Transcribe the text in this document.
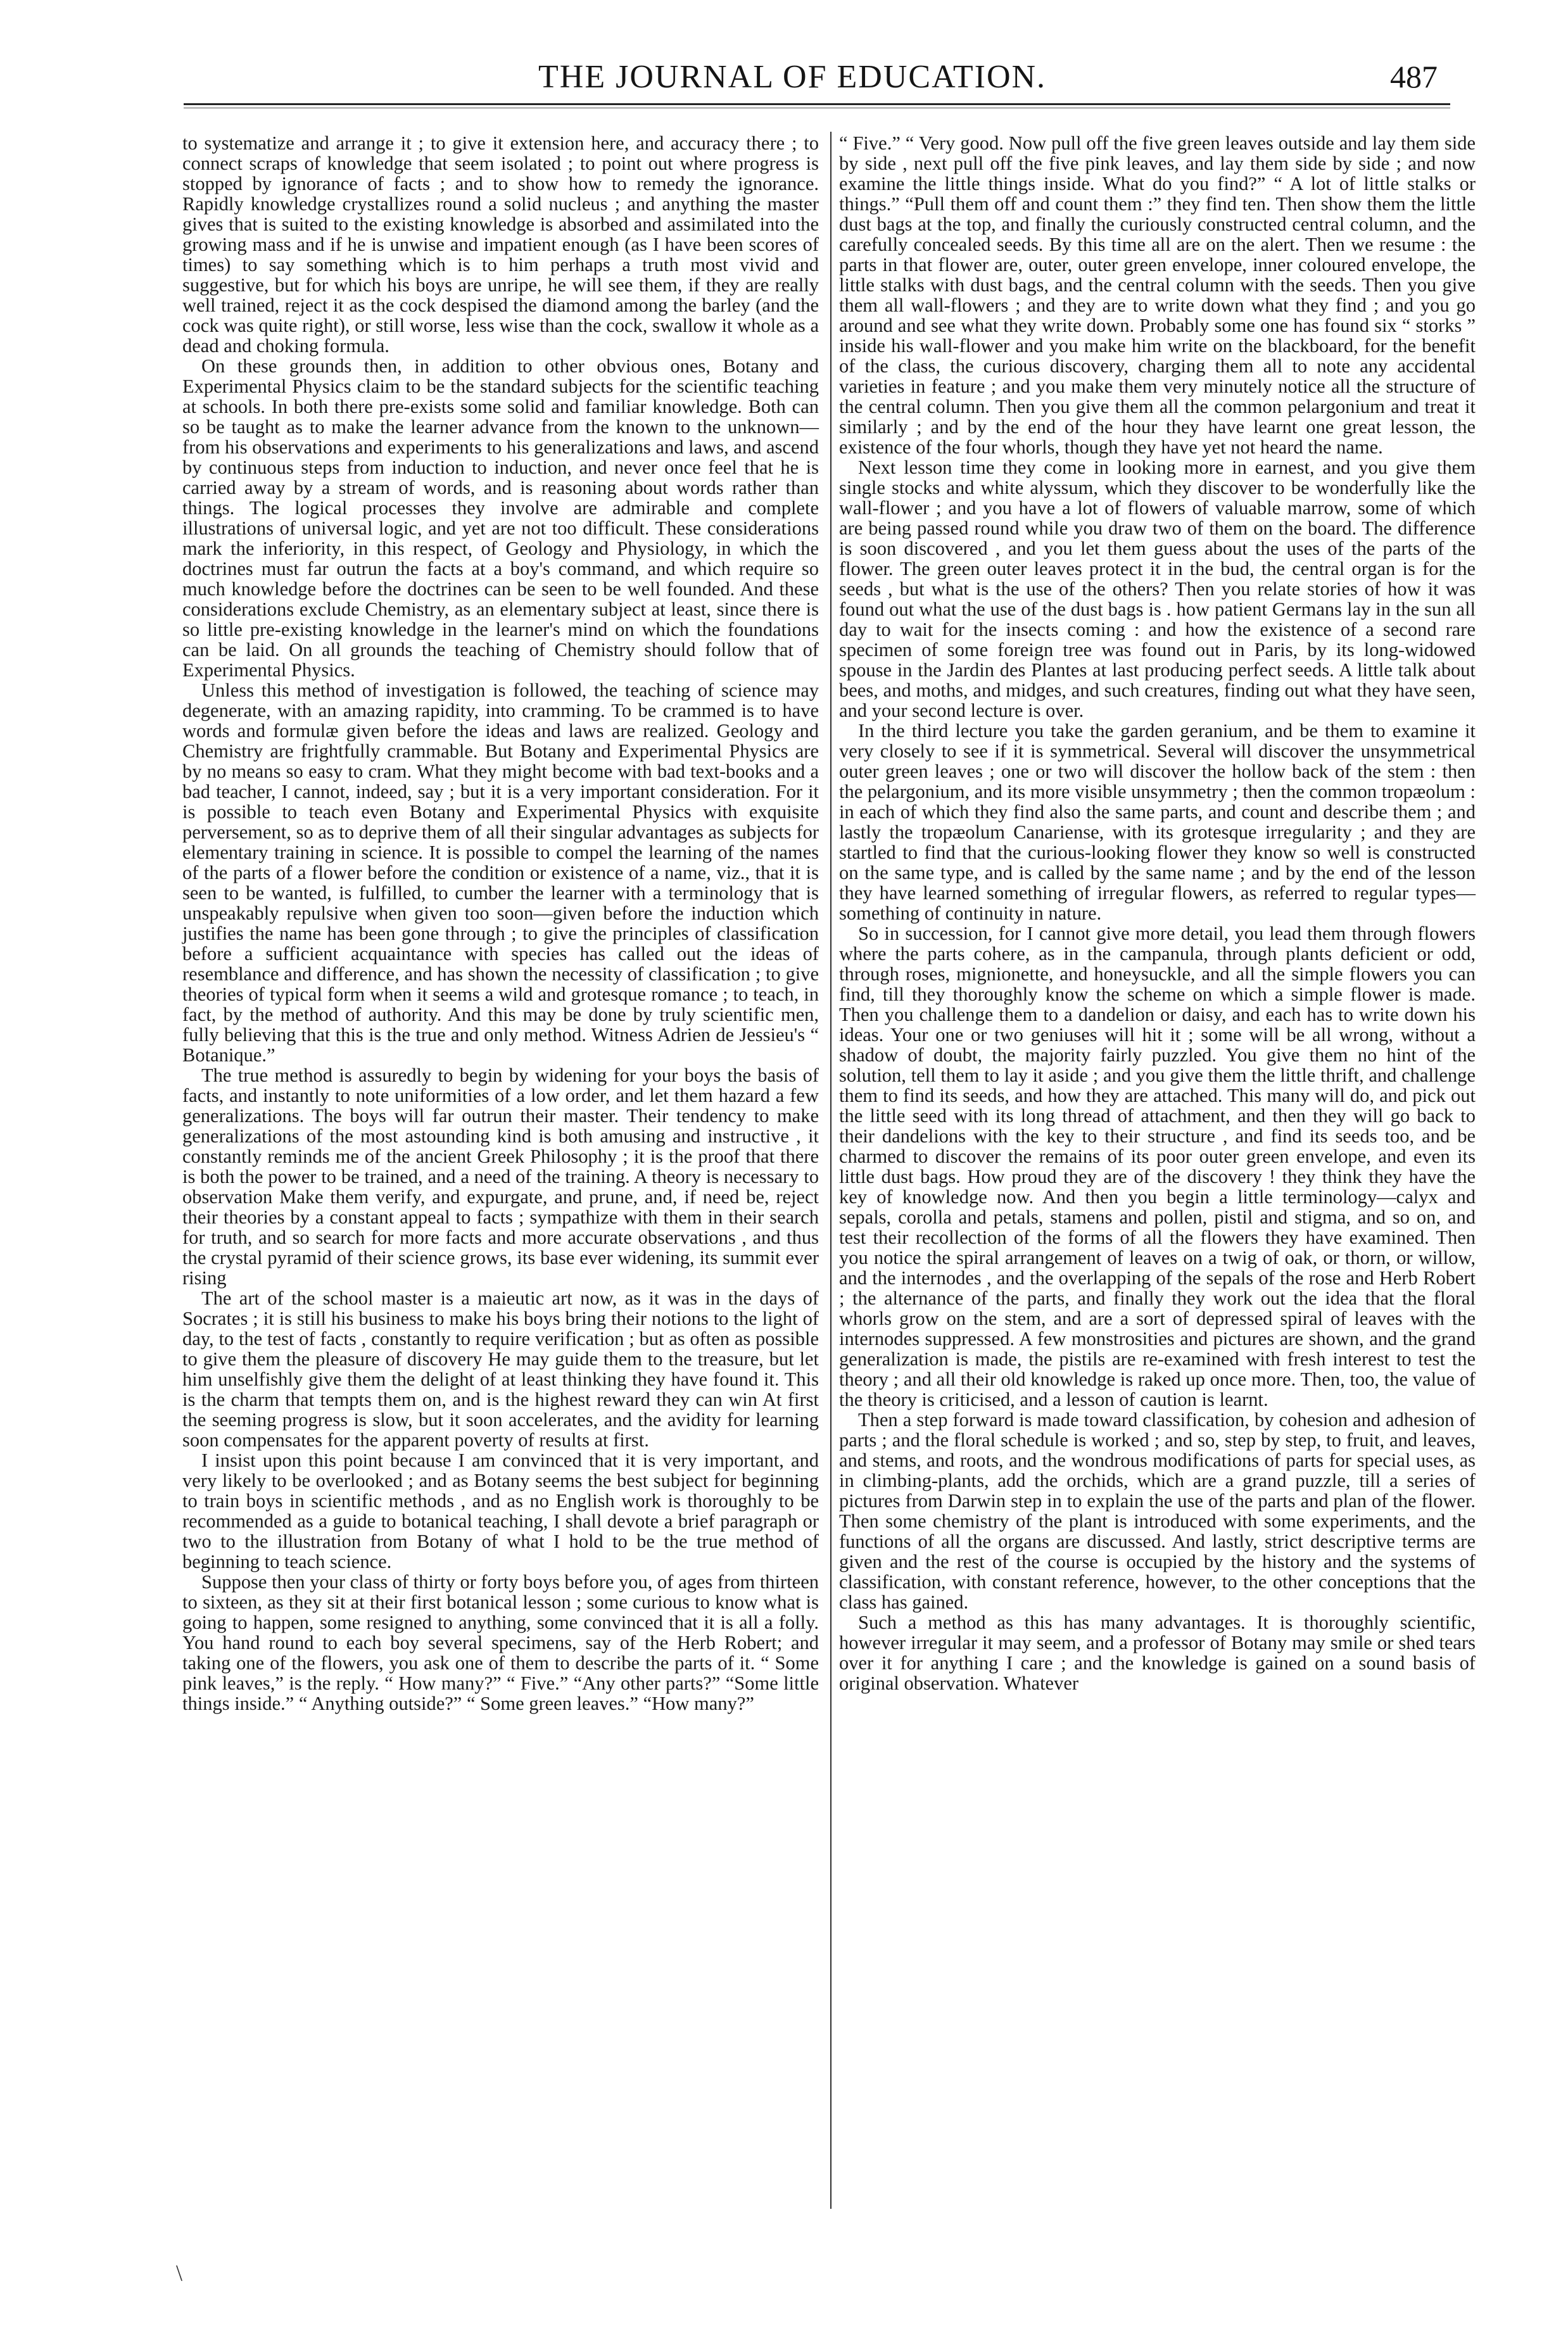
THE JOURNAL OF EDUCATION.	487

to systematize and arrange it ; to give it extension here, and accuracy there ; to connect scraps of knowledge that seem isolated ; to point out where progress is stopped by ignorance of facts ; and to show how to remedy the ignorance. Rapidly knowledge crystallizes round a solid nucleus ; and anything the master gives that is suited to the existing knowledge is absorbed and assimilated into the growing mass and if he is unwise and impatient enough (as I have been scores of times) to say something which is to him perhaps a truth most vivid and suggestive, but for which his boys are unripe, he will see them, if they are really well trained, reject it as the cock despised the diamond among the barley (and the cock was quite right), or still worse, less wise than the cock, swallow it whole as a dead and choking formula.

On these grounds then, in addition to other obvious ones, Botany and Experimental Physics claim to be the standard subjects for the scientific teaching at schools. In both there pre-exists some solid and familiar knowledge. Both can so be taught as to make the learner advance from the known to the unknown—from his observations and experiments to his generalizations and laws, and ascend by continuous steps from induction to induction, and never once feel that he is carried away by a stream of words, and is reasoning about words rather than things. The logical processes they involve are admirable and complete illustrations of universal logic, and yet are not too difficult. These considerations mark the inferiority, in this respect, of Geology and Physiology, in which the doctrines must far outrun the facts at a boy's command, and which require so much knowledge before the doctrines can be seen to be well founded. And these considerations exclude Chemistry, as an elementary subject at least, since there is so little pre-existing knowledge in the learner's mind on which the foundations can be laid. On all grounds the teaching of Chemistry should follow that of Experimental Physics.

Unless this method of investigation is followed, the teaching of science may degenerate, with an amazing rapidity, into cramming. To be crammed is to have words and formulæ given before the ideas and laws are realized. Geology and Chemistry are frightfully crammable. But Botany and Experimental Physics are by no means so easy to cram. What they might become with bad text-books and a bad teacher, I cannot, indeed, say ; but it is a very important consideration. For it is possible to teach even Botany and Experimental Physics with exquisite perversement, so as to deprive them of all their singular advantages as subjects for elementary training in science. It is possible to compel the learning of the names of the parts of a flower before the condition or existence of a name, viz., that it is seen to be wanted, is fulfilled, to cumber the learner with a terminology that is unspeakably repulsive when given too soon—given before the induction which justifies the name has been gone through ; to give the principles of classification before a sufficient acquaintance with species has called out the ideas of resemblance and difference, and has shown the necessity of classification ; to give theories of typical form when it seems a wild and grotesque romance ; to teach, in fact, by the method of authority. And this may be done by truly scientific men, fully believing that this is the true and only method. Witness Adrien de Jessieu's “ Botanique.”

The true method is assuredly to begin by widening for your boys the basis of facts, and instantly to note uniformities of a low order, and let them hazard a few generalizations. The boys will far outrun their master. Their tendency to make generalizations of the most astounding kind is both amusing and instructive , it constantly reminds me of the ancient Greek Philosophy ; it is the proof that there is both the power to be trained, and a need of the training. A theory is necessary to observation Make them verify, and expurgate, and prune, and, if need be, reject their theories by a constant appeal to facts ; sympathize with them in their search for truth, and so search for more facts and more accurate observations , and thus the crystal pyramid of their science grows, its base ever widening, its summit ever rising

The art of the school master is a maieutic art now, as it was in the days of Socrates ; it is still his business to make his boys bring their notions to the light of day, to the test of facts , constantly to require verification ; but as often as possible to give them the pleasure of discovery He may guide them to the treasure, but let him unselfishly give them the delight of at least thinking they have found it. This is the charm that tempts them on, and is the highest reward they can win At first the seeming progress is slow, but it soon accelerates, and the avidity for learning soon compensates for the apparent poverty of results at first.

I insist upon this point because I am convinced that it is very important, and very likely to be overlooked ; and as Botany seems the best subject for beginning to train boys in scientific methods , and as no English work is thoroughly to be recommended as a guide to botanical teaching, I shall devote a brief paragraph or two to the illustration from Botany of what I hold to be the true method of beginning to teach science.

Suppose then your class of thirty or forty boys before you, of ages from thirteen to sixteen, as they sit at their first botanical lesson ; some curious to know what is going to happen, some resigned to anything, some convinced that it is all a folly. You hand round to each boy several specimens, say of the Herb Robert; and taking one of the flowers, you ask one of them to describe the parts of it. “ Some pink leaves,” is the reply. “ How many?” “ Five.” “Any other parts?” “Some little things inside.” “ Anything outside?” “ Some green leaves.” “How many?”

“ Five.” “ Very good. Now pull off the five green leaves outside and lay them side by side , next pull off the five pink leaves, and lay them side by side ; and now examine the little things inside. What do you find?” “ A lot of little stalks or things.” “Pull them off and count them :” they find ten. Then show them the little dust bags at the top, and finally the curiously constructed central column, and the carefully concealed seeds. By this time all are on the alert. Then we resume : the parts in that flower are, outer, outer green envelope, inner coloured envelope, the little stalks with dust bags, and the central column with the seeds. Then you give them all wall-flowers ; and they are to write down what they find ; and you go around and see what they write down. Probably some one has found six “ storks ” inside his wall-flower and you make him write on the blackboard, for the benefit of the class, the curious discovery, charging them all to note any accidental varieties in feature ; and you make them very minutely notice all the structure of the central column. Then you give them all the common pelargonium and treat it similarly ; and by the end of the hour they have learnt one great lesson, the existence of the four whorls, though they have yet not heard the name.

Next lesson time they come in looking more in earnest, and you give them single stocks and white alyssum, which they discover to be wonderfully like the wall-flower ; and you have a lot of flowers of valuable marrow, some of which are being passed round while you draw two of them on the board. The difference is soon discovered , and you let them guess about the uses of the parts of the flower. The green outer leaves protect it in the bud, the central organ is for the seeds , but what is the use of the others? Then you relate stories of how it was found out what the use of the dust bags is . how patient Germans lay in the sun all day to wait for the insects coming : and how the existence of a second rare specimen of some foreign tree was found out in Paris, by its long-widowed spouse in the Jardin des Plantes at last producing perfect seeds. A little talk about bees, and moths, and midges, and such creatures, finding out what they have seen, and your second lecture is over.

In the third lecture you take the garden geranium, and be them to examine it very closely to see if it is symmetrical. Several will discover the unsymmetrical outer green leaves ; one or two will discover the hollow back of the stem : then the pelargonium, and its more visible unsymmetry ; then the common tropæolum : in each of which they find also the same parts, and count and describe them ; and lastly the tropæolum Canariense, with its grotesque irregularity ; and they are startled to find that the curious-looking flower they know so well is constructed on the same type, and is called by the same name ; and by the end of the lesson they have learned something of irregular flowers, as referred to regular types—something of continuity in nature.

So in succession, for I cannot give more detail, you lead them through flowers where the parts cohere, as in the campanula, through plants deficient or odd, through roses, mignionette, and honeysuckle, and all the simple flowers you can find, till they thoroughly know the scheme on which a simple flower is made. Then you challenge them to a dandelion or daisy, and each has to write down his ideas. Your one or two geniuses will hit it ; some will be all wrong, without a shadow of doubt, the majority fairly puzzled. You give them no hint of the solution, tell them to lay it aside ; and you give them the little thrift, and challenge them to find its seeds, and how they are attached. This many will do, and pick out the little seed with its long thread of attachment, and then they will go back to their dandelions with the key to their structure , and find its seeds too, and be charmed to discover the remains of its poor outer green envelope, and even its little dust bags. How proud they are of the discovery ! they think they have the key of knowledge now. And then you begin a little terminology—calyx and sepals, corolla and petals, stamens and pollen, pistil and stigma, and so on, and test their recollection of the forms of all the flowers they have examined. Then you notice the spiral arrangement of leaves on a twig of oak, or thorn, or willow, and the internodes , and the overlapping of the sepals of the rose and Herb Robert ; the alternance of the parts, and finally they work out the idea that the floral whorls grow on the stem, and are a sort of depressed spiral of leaves with the internodes suppressed. A few monstrosities and pictures are shown, and the grand generalization is made, the pistils are re-examined with fresh interest to test the theory ; and all their old knowledge is raked up once more. Then, too, the value of the theory is criticised, and a lesson of caution is learnt.

Then a step forward is made toward classification, by cohesion and adhesion of parts ; and the floral schedule is worked ; and so, step by step, to fruit, and leaves, and stems, and roots, and the wondrous modifications of parts for special uses, as in climbing-plants, add the orchids, which are a grand puzzle, till a series of pictures from Darwin step in to explain the use of the parts and plan of the flower. Then some chemistry of the plant is introduced with some experiments, and the functions of all the organs are discussed. And lastly, strict descriptive terms are given and the rest of the course is occupied by the history and the systems of classification, with constant reference, however, to the other conceptions that the class has gained.

Such a method as this has many advantages. It is thoroughly scientific, however irregular it may seem, and a professor of Botany may smile or shed tears over it for anything I care ; and the knowledge is gained on a sound basis of original observation. Whatever

\
